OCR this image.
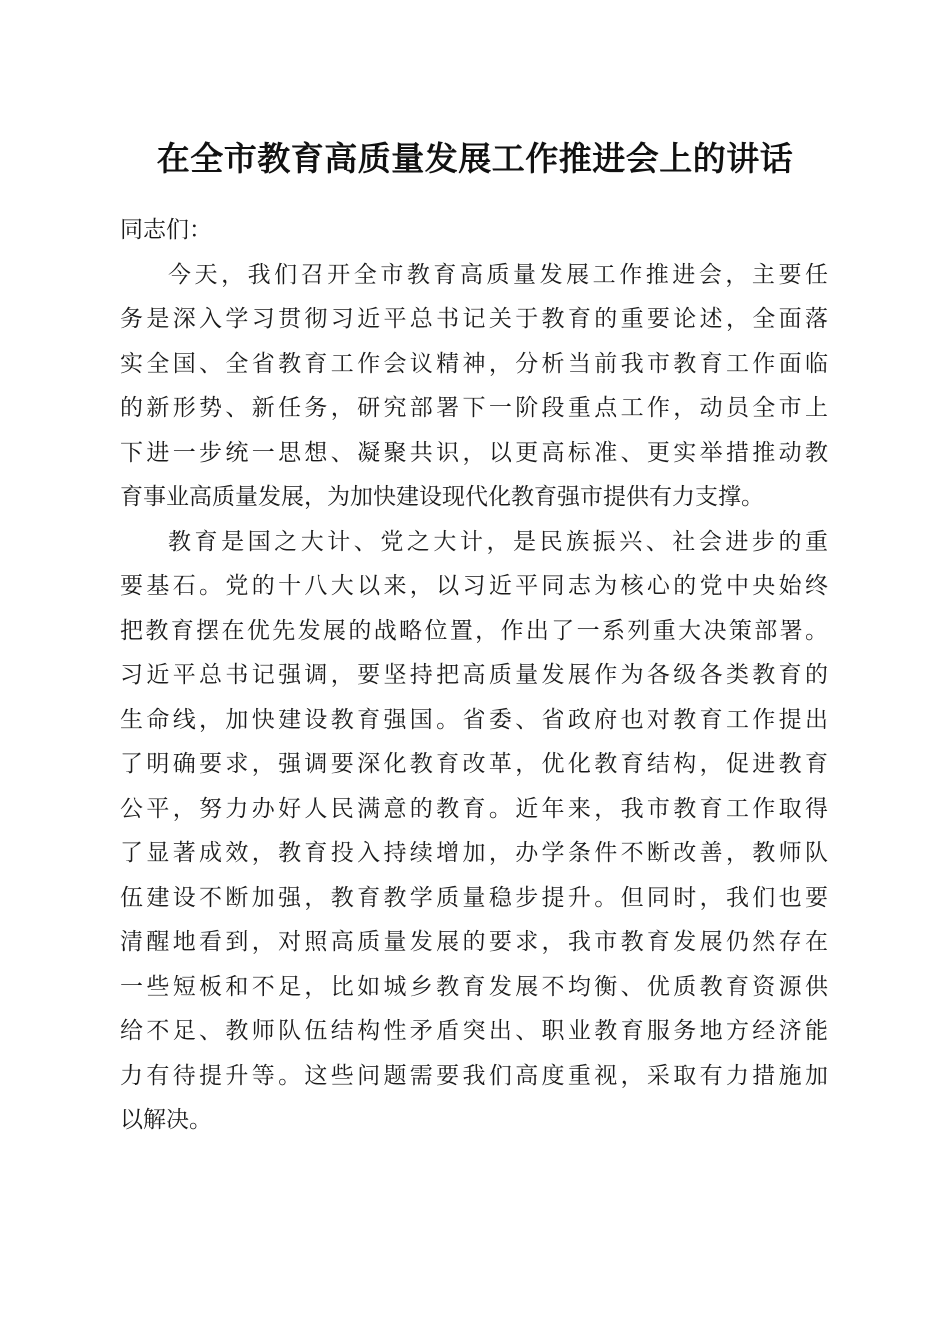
在全市教育高质量发展工作推进会上的讲话

同志们：

今天，我们召开全市教育高质量发展工作推进会，主要任
务是深入学习贯彻习近平总书记关于教育的重要论述，全面落
实全国、全省教育工作会议精神，分析当前我市教育工作面临
的新形势、新任务，研究部署下一阶段重点工作，动员全市上
下进一步统一思想、凝聚共识，以更高标准、更实举措推动教
育事业高质量发展，为加快建设现代化教育强市提供有力支撑。

教育是国之大计、党之大计，是民族振兴、社会进步的重
要基石。党的十八大以来，以习近平同志为核心的党中央始终
把教育摆在优先发展的战略位置，作出了一系列重大决策部署。
习近平总书记强调，要坚持把高质量发展作为各级各类教育的
生命线，加快建设教育强国。省委、省政府也对教育工作提出
了明确要求，强调要深化教育改革，优化教育结构，促进教育
公平，努力办好人民满意的教育。近年来，我市教育工作取得
了显著成效，教育投入持续增加，办学条件不断改善，教师队
伍建设不断加强，教育教学质量稳步提升。但同时，我们也要
清醒地看到，对照高质量发展的要求，我市教育发展仍然存在
一些短板和不足，比如城乡教育发展不均衡、优质教育资源供
给不足、教师队伍结构性矛盾突出、职业教育服务地方经济能
力有待提升等。这些问题需要我们高度重视，采取有力措施加
以解决。
